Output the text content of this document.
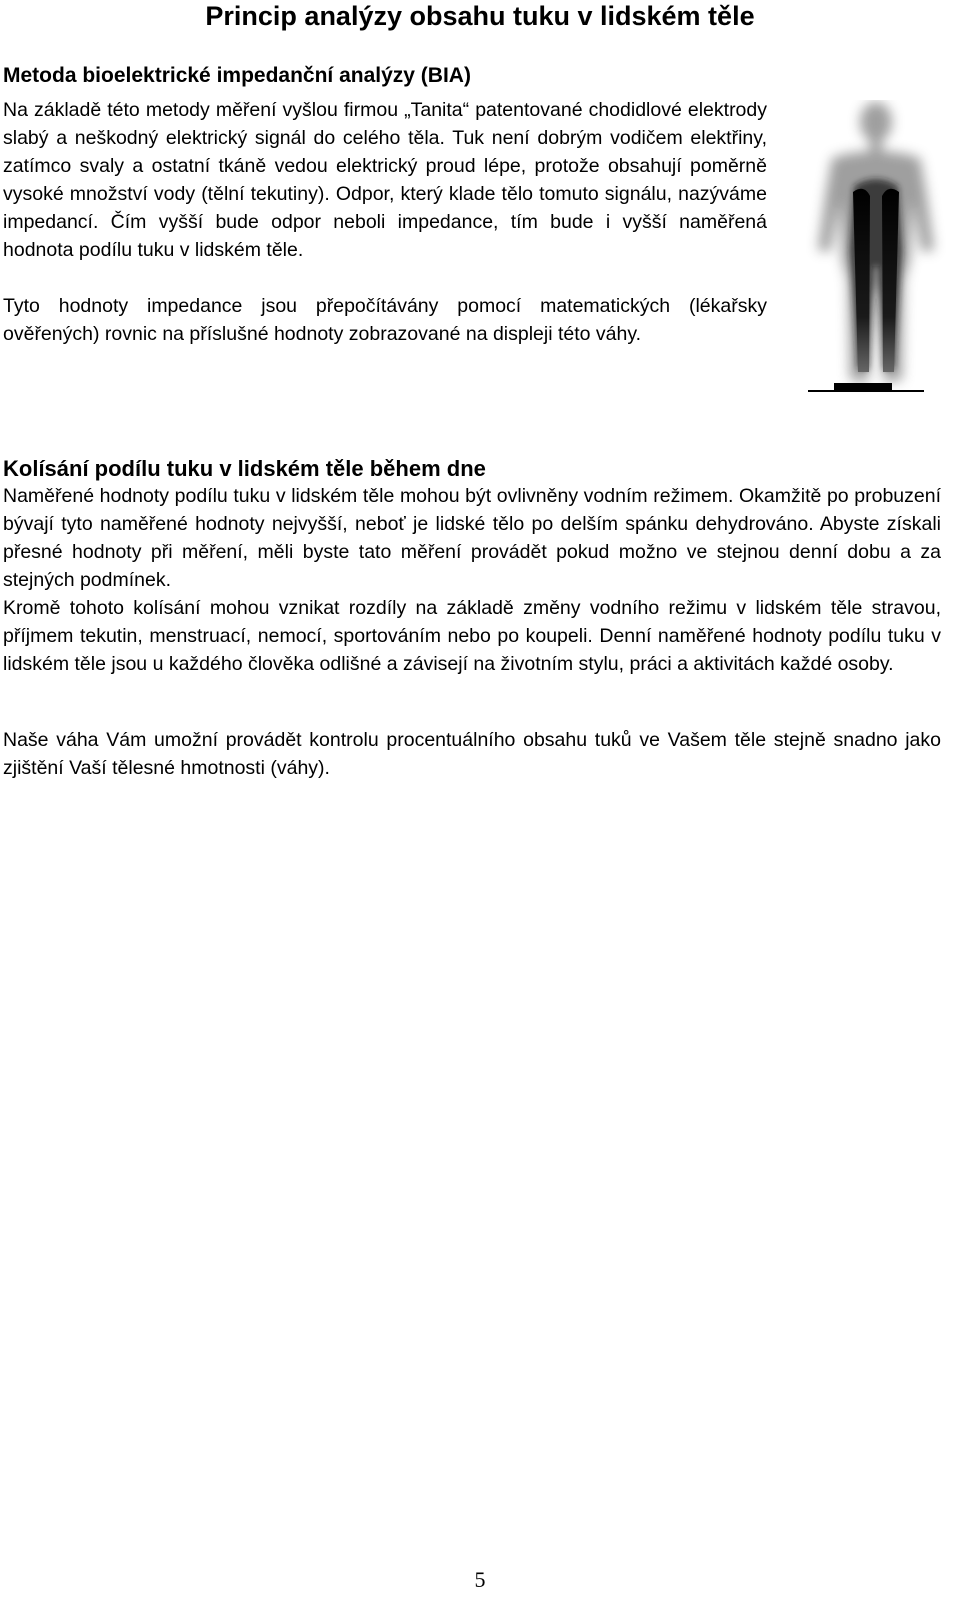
Princip analýzy obsahu tuku v lidském těle
Metoda bioelektrické impedanční analýzy (BIA)

Na základě této metody měření vyšlou firmou „Tanita“ patentované chodidlové elektrody slabý a neškodný elektrický signál do celého těla. Tuk není dobrým vodičem elektřiny, zatímco svaly a ostatní tkáně vedou elektrický proud lépe, protože obsahují poměrně vysoké množství vody (tělní tekutiny). Odpor, který klade tělo tomuto signálu, nazýváme impedancí. Čím vyšší bude odpor neboli impedance, tím bude i vyšší naměřená hodnota podílu tuku v lidském těle.

Tyto hodnoty impedance jsou přepočítávány pomocí matematických (lékařsky ověřených) rovnic na příslušné hodnoty zobrazované na displeji této váhy.

Kolísání podílu tuku v lidském těle během dne

Naměřené hodnoty podílu tuku v lidském těle mohou být ovlivněny vodním režimem. Okamžitě po probuzení bývají tyto naměřené hodnoty nejvyšší, neboť je lidské tělo po delším spánku dehydrováno. Abyste získali přesné hodnoty při měření, měli byste tato měření provádět pokud možno ve stejnou denní dobu a za stejných podmínek.

Kromě tohoto kolísání mohou vznikat rozdíly na základě změny vodního režimu v lidském těle stravou, příjmem tekutin, menstruací, nemocí, sportováním nebo po koupeli. Denní naměřené hodnoty podílu tuku v lidském těle jsou u každého člověka odlišné a závisejí na životním stylu, práci a aktivitách každé osoby.

Naše váha Vám umožní provádět kontrolu procentuálního obsahu tuků ve Vašem těle stejně snadno jako zjištění Vaší tělesné hmotnosti (váhy).

5
